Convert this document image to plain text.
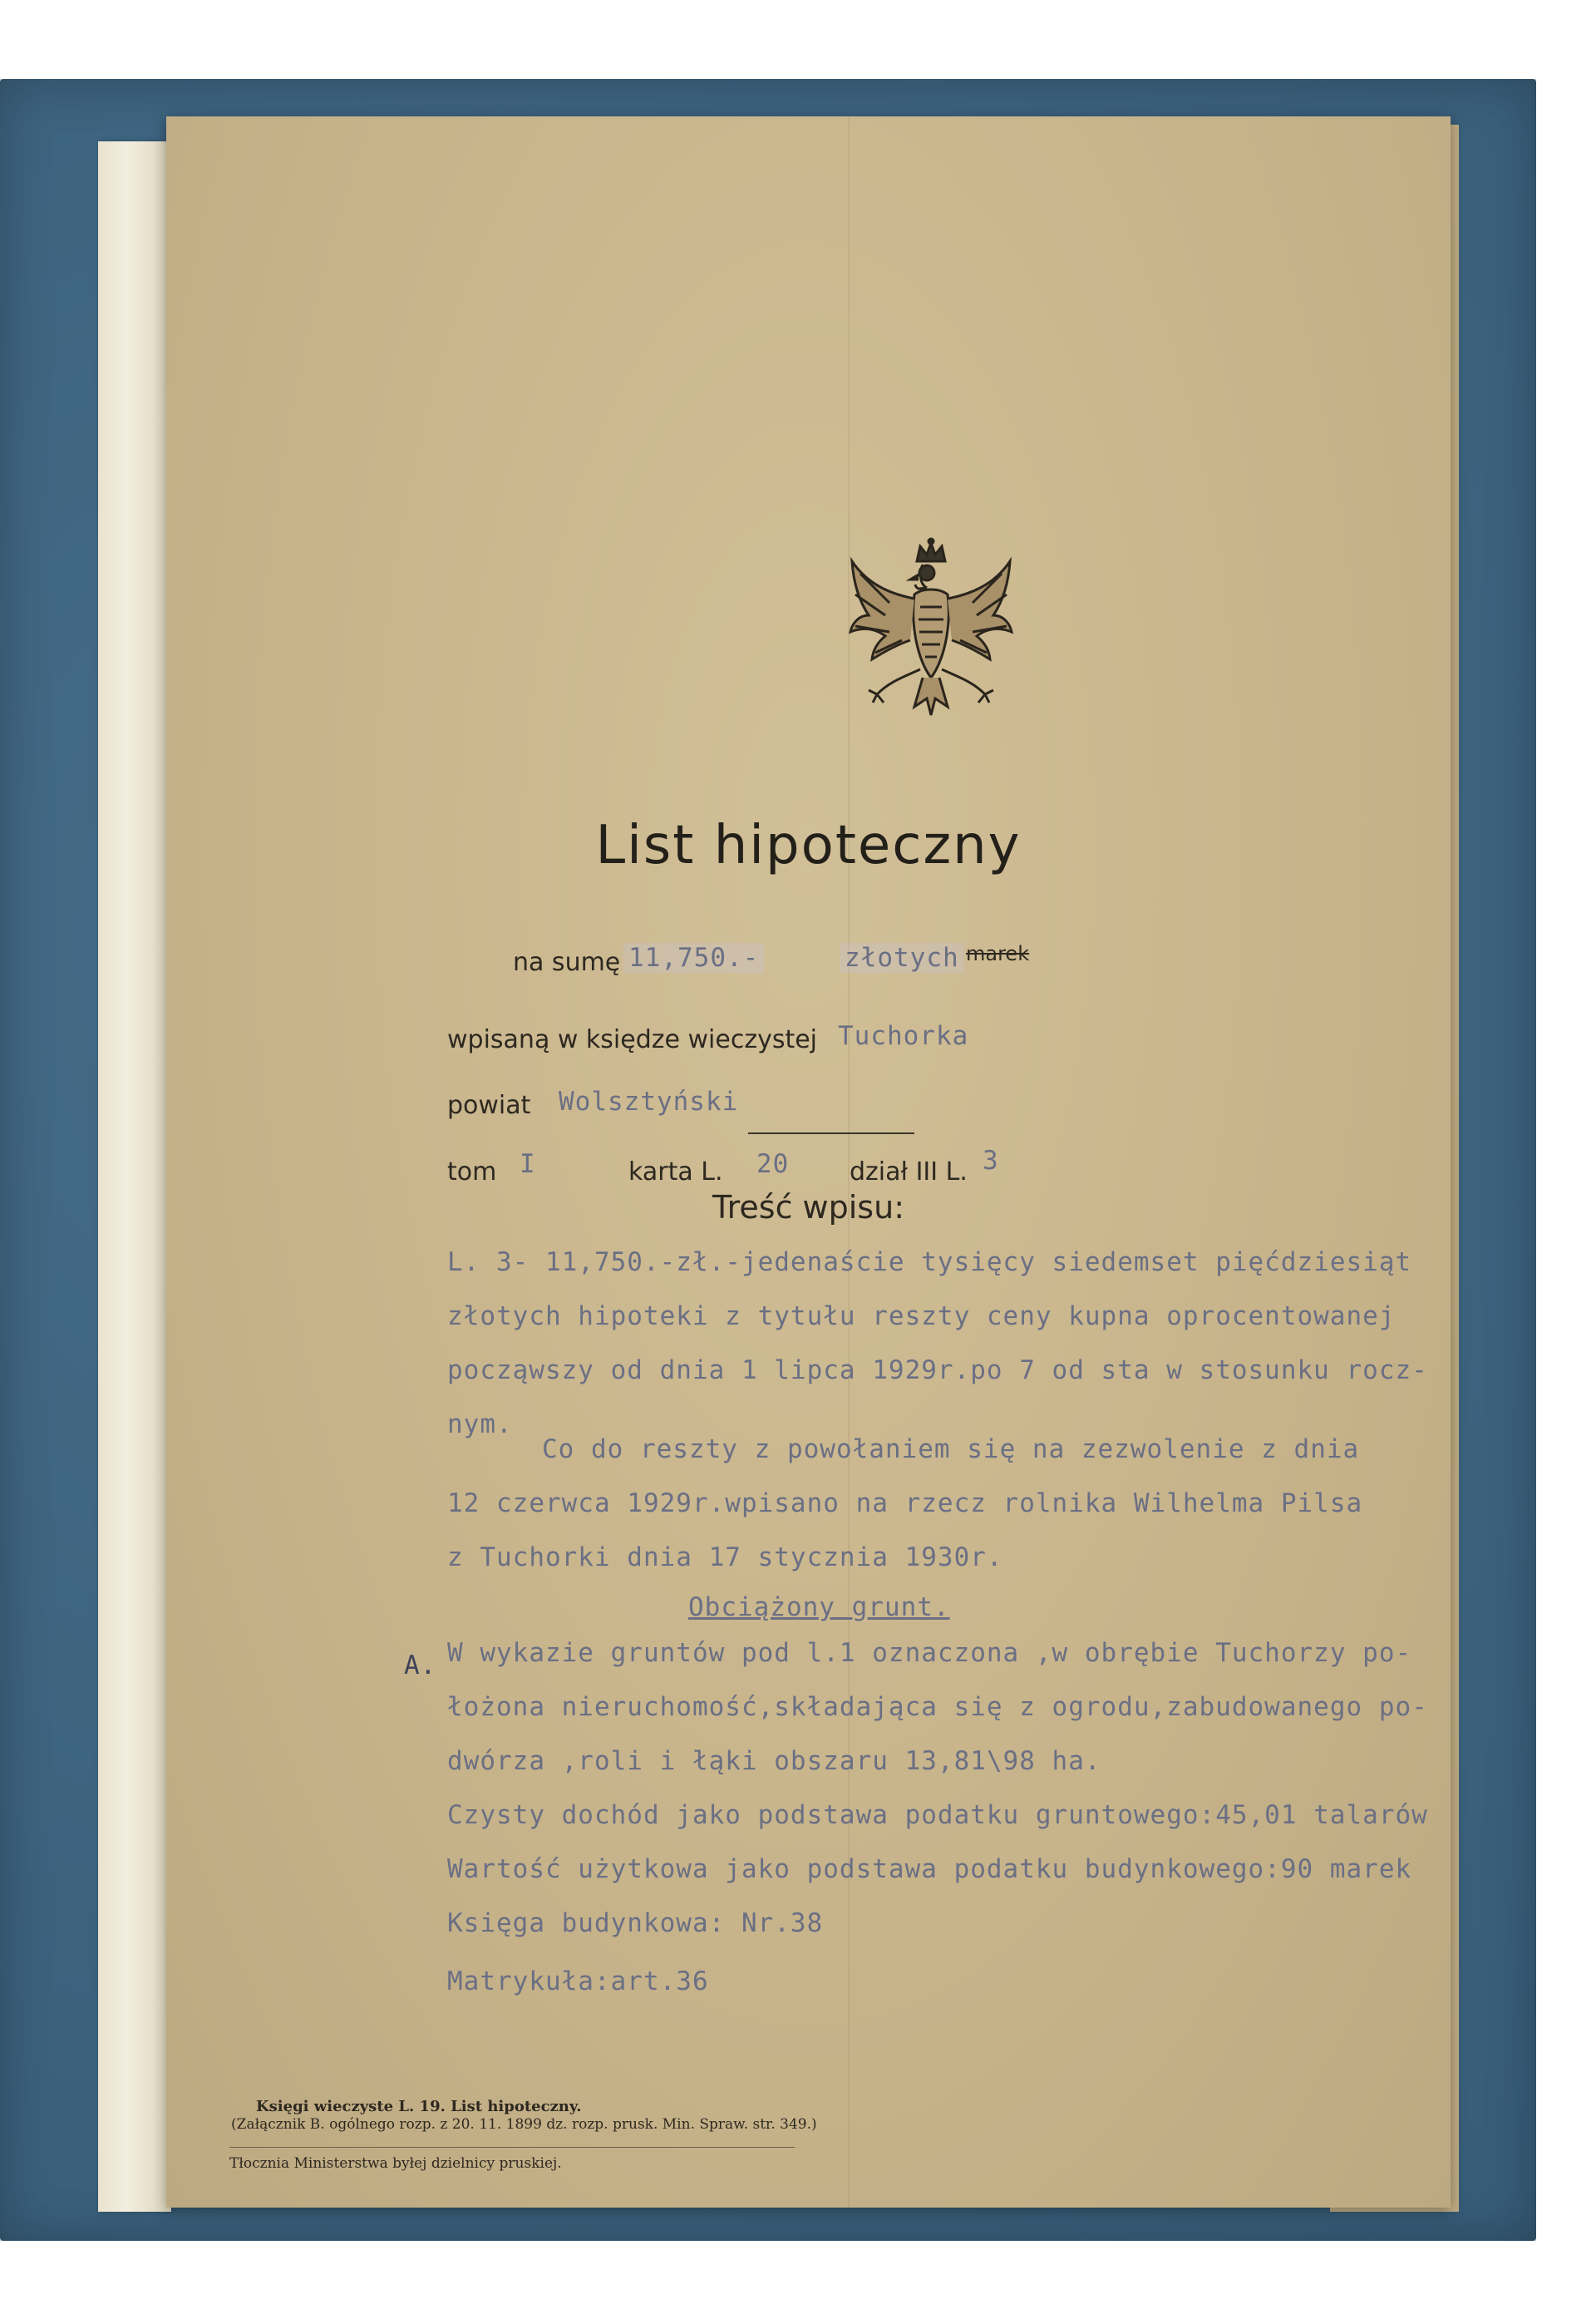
List hipoteczny
na sumę 11,750.-	złotych marek
wpisaną w księdze wieczystej Tuchorka
powiat Wolsztyński
tom I	karta L. 20 dział III L. 3
Treść wpisu:
L. 3- 11,750.-zł.-jedenaście tysięcy siedemset pięćdziesiąt
złotych hipoteki z tytułu reszty ceny kupna oprocentowanej
począwszy od dnia 1 lipca 1929r.po 7 od sta w stosunku rocz-
nym.
Co do reszty z powołaniem się na zezwolenie z dnia
12 czerwca 1929r.wpisano na rzecz rolnika Wilhelma Pilsa
z Tuchorki dnia 17 stycznia 1930r.
Obciążony grunt.
A. W wykazie gruntów pod l.1 oznaczona ,w obrębie Tuchorzy po-
łożona nieruchomość,składająca się z ogrodu,zabudowanego po-
dwórza ,roli i łąki obszaru 13,81\98 ha.
Czysty dochód jako podstawa podatku gruntowego:45,01 talarów
Wartość użytkowa jako podstawa podatku budynkowego:90 marek
Księga budynkowa: Nr.38
Matrykuła:art.36
Księgi wieczyste L. 19. List hipoteczny.
(Załącznik B. ogólnego rozp. z 20. 11. 1899 dz. rozp. prusk. Min. Spraw. str. 349.)
Tłocznia Ministerstwa byłej dzielnicy pruskiej.
